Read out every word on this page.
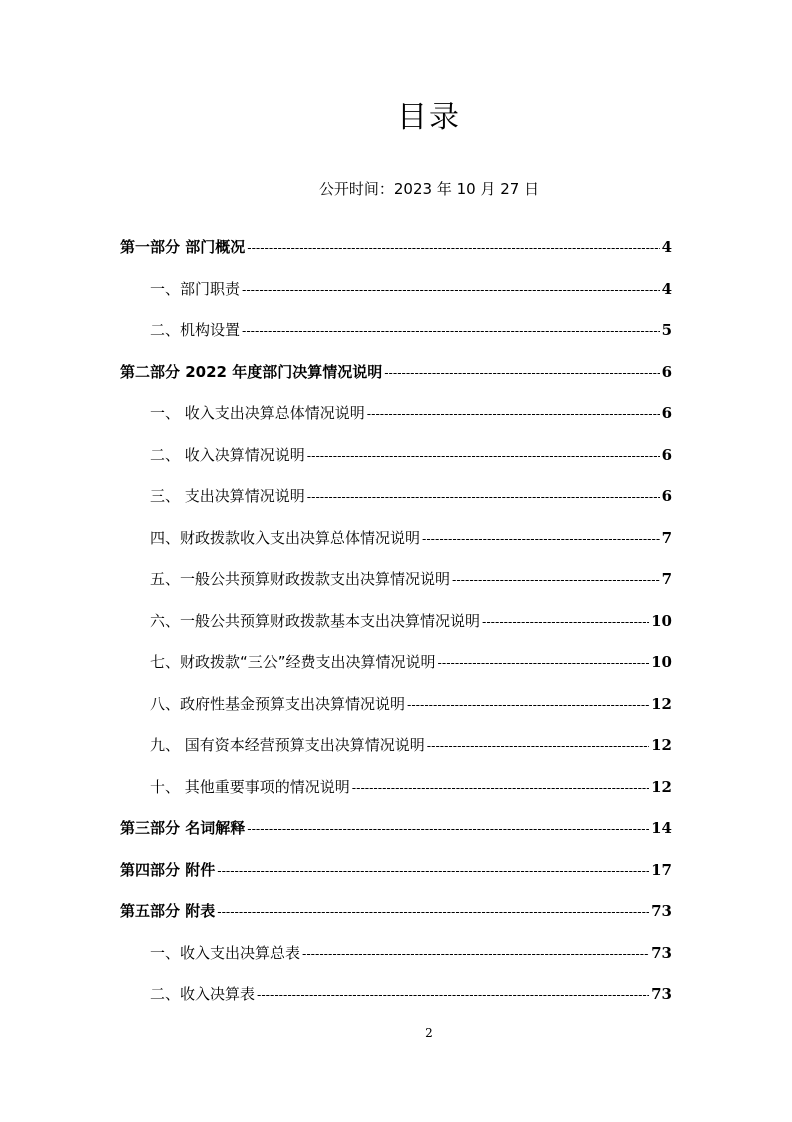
目录
公开时间：2023 年 10 月 27 日
第一部分 部门概况 -----	4
一、部门职责 -----	4
二、机构设置 -----	5
第二部分 2022 年度部门决算情况说明 -----	6
一、 收入支出决算总体情况说明 -----	6
二、 收入决算情况说明 -----	6
三、 支出决算情况说明 -----	6
四、财政拨款收入支出决算总体情况说明 -----	7
五、一般公共预算财政拨款支出决算情况说明 -----	7
六、一般公共预算财政拨款基本支出决算情况说明 -----	10
七、财政拨款“三公”经费支出决算情况说明 -----	10
八、政府性基金预算支出决算情况说明 -----	12
九、 国有资本经营预算支出决算情况说明 -----	12
十、 其他重要事项的情况说明 -----	12
第三部分 名词解释 -----	14
第四部分 附件 -----	17
第五部分 附表 -----	73
一、收入支出决算总表 -----	73
二、收入决算表 -----	73
2
